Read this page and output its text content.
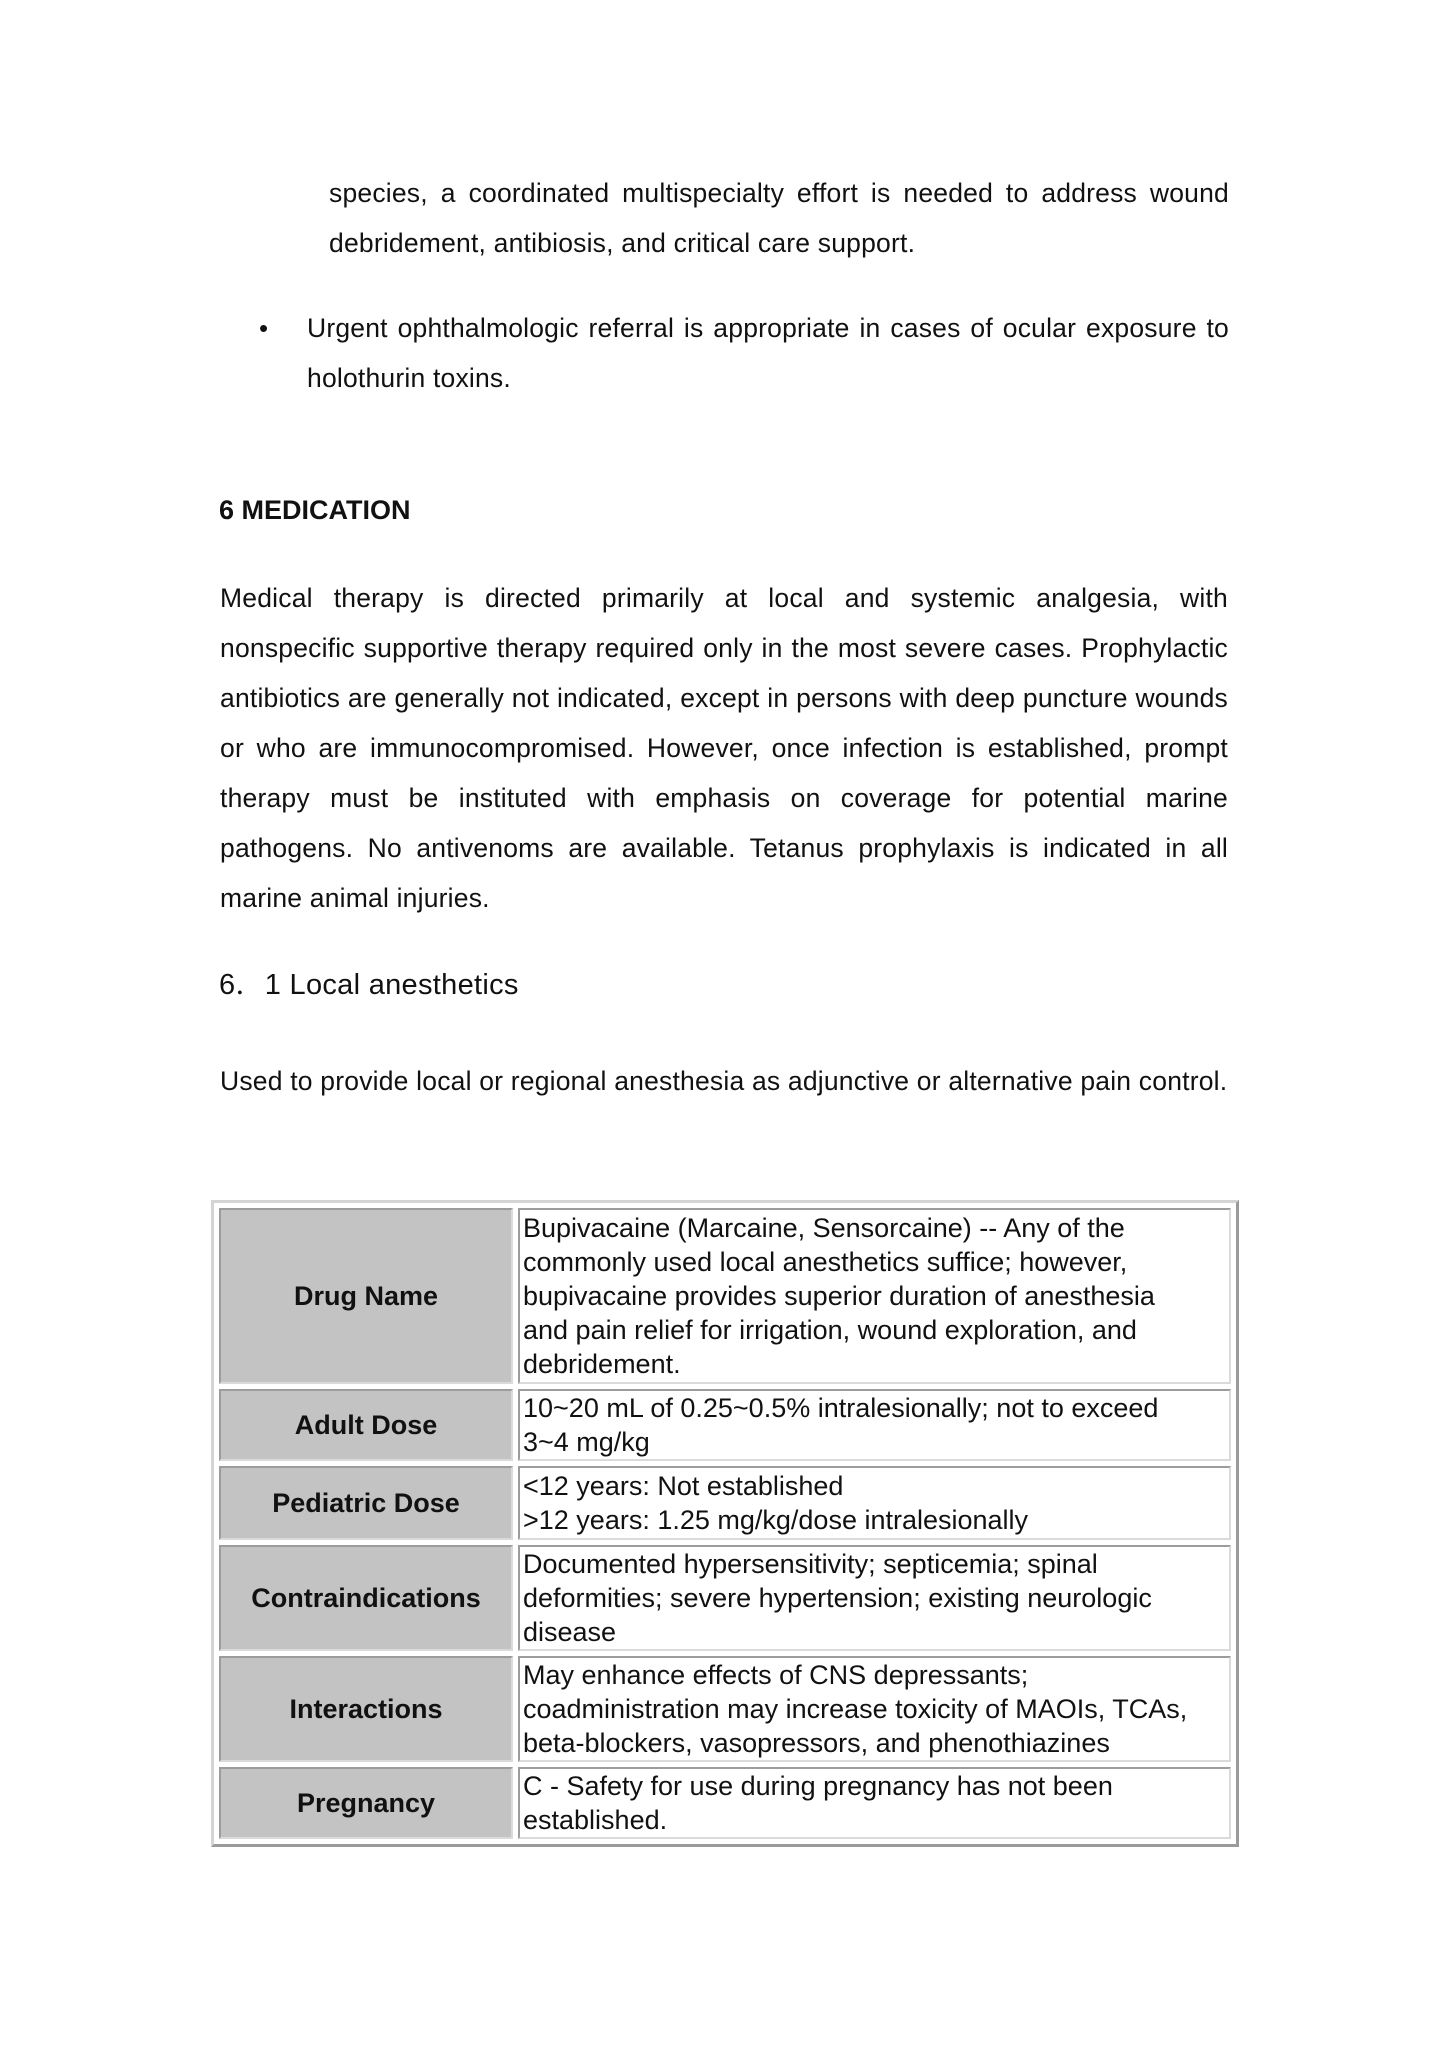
species, a coordinated multispecialty effort is needed to address wound debridement, antibiosis, and critical care support.

•	Urgent ophthalmologic referral is appropriate in cases of ocular exposure to holothurin toxins.
6 MEDICATION

Medical therapy is directed primarily at local and systemic analgesia, with nonspecific supportive therapy required only in the most severe cases. Prophylactic antibiotics are generally not indicated, except in persons with deep puncture wounds or who are immunocompromised. However, once infection is established, prompt therapy must be instituted with emphasis on coverage for potential marine pathogens. No antivenoms are available. Tetanus prophylaxis is indicated in all marine animal injuries.

6．1 Local anesthetics

Used to provide local or regional anesthesia as adjunctive or alternative pain control.

Drug Name	Bupivacaine (Marcaine, Sensorcaine) -- Any of the
commonly used local anesthetics suffice; however,
bupivacaine provides superior duration of anesthesia
and pain relief for irrigation, wound exploration, and
debridement.

Adult Dose	10~20 mL of 0.25~0.5% intralesionally; not to exceed
3~4 mg/kg

Pediatric Dose	<12 years: Not established
>12 years: 1.25 mg/kg/dose intralesionally

Contraindications	Documented hypersensitivity; septicemia; spinal
deformities; severe hypertension; existing neurologic
disease

Interactions	May enhance effects of CNS depressants;
coadministration may increase toxicity of MAOIs, TCAs,
beta-blockers, vasopressors, and phenothiazines

Pregnancy	C - Safety for use during pregnancy has not been
established.
